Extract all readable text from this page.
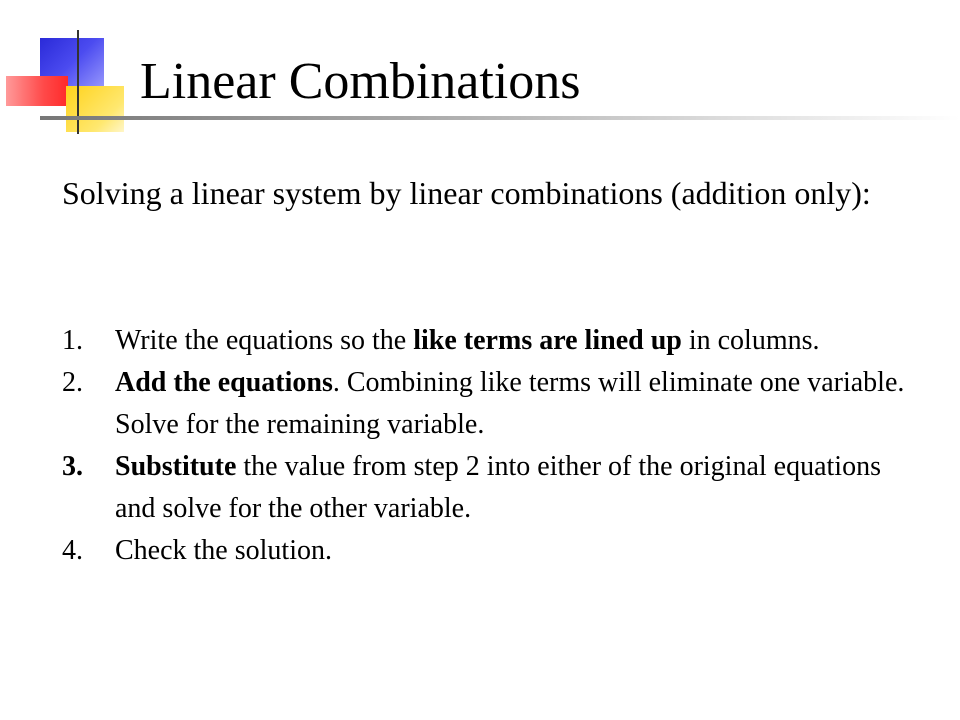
Linear Combinations
Solving a linear system by linear combinations (addition only):
1. Write the equations so the like terms are lined up in columns.
2. Add the equations. Combining like terms will eliminate one variable. Solve for the remaining variable.
3. Substitute the value from step 2 into either of the original equations and solve for the other variable.
4. Check the solution.
